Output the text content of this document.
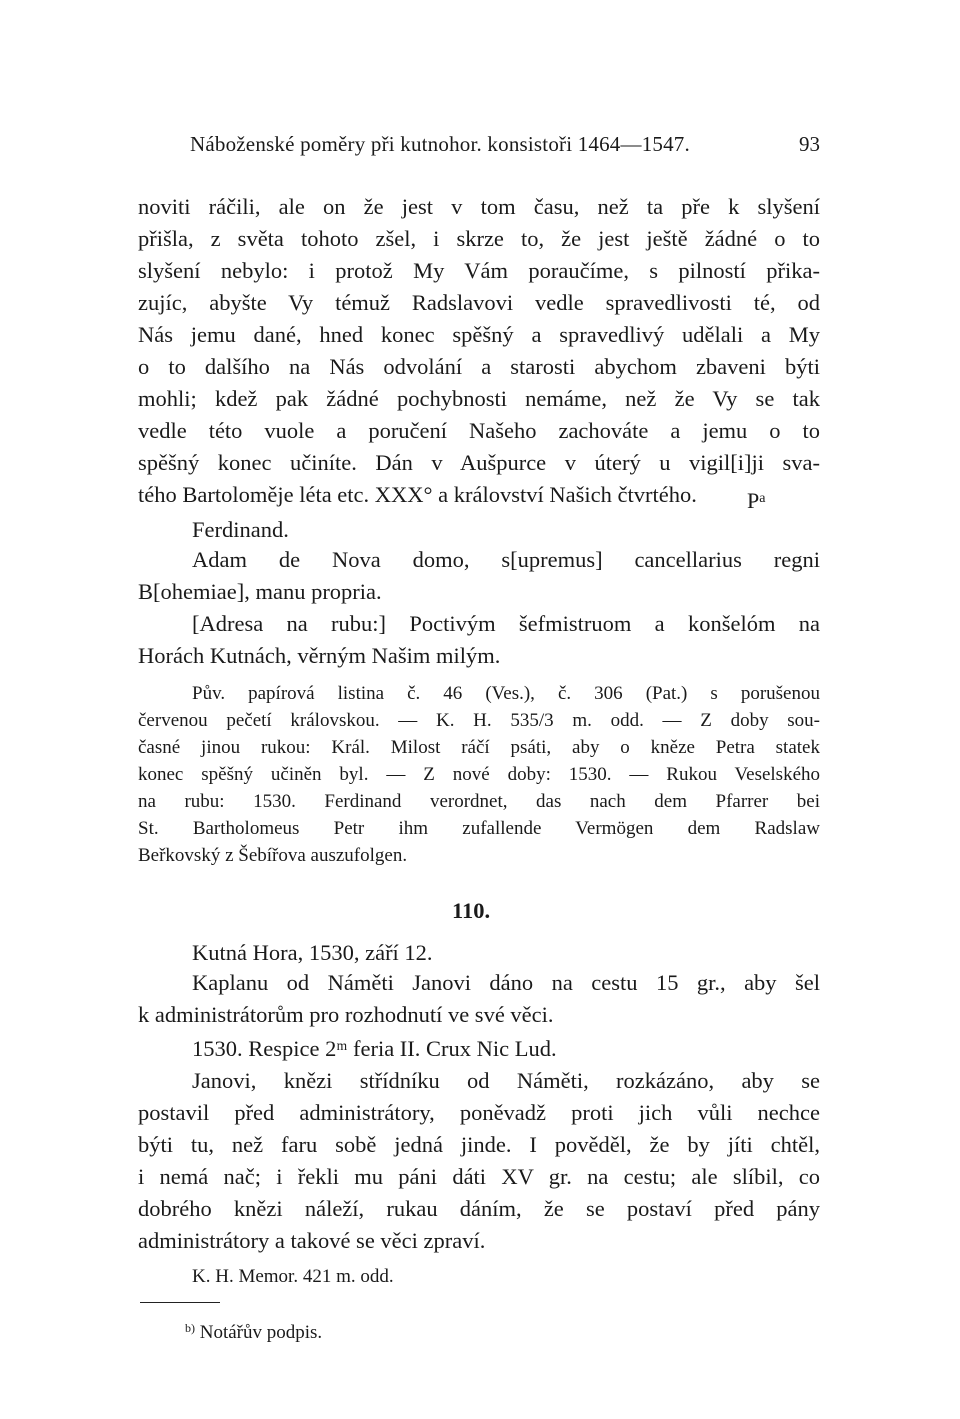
Náboženské poměry při kutnohor. konsistoři 1464—1547.	93
noviti ráčili, ale on že jest v tom času, než ta pře k slyšení
přišla, z světa tohoto zšel, i skrze to, že jest ještě žádné o to
slyšení nebylo: i protož My Vám poraučíme, s pilností přika-
zujíc, abyšte Vy témuž Radslavovi vedle spravedlivosti té, od
Nás jemu dané, hned konec spěšný a spravedlivý udělali a My
o to dalšího na Nás odvolání a starosti abychom zbaveni býti
mohli; kdež pak žádné pochybnosti nemáme, než že Vy se tak
vedle této vuole a poručení Našeho zachováte a jemu o to
spěšný konec učiníte. Dán v Aušpurce v úterý u vigil[i]ji sva-
tého Bartoloměje léta etc. XXX° a království Našich čtvrtého.
Ferdinand.
$P^a$
Adam de Nova domo, s[upremus] cancellarius regni
B[ohemiae], manu propria.
[Adresa na rubu:] Poctivým šefmistruom a konšelóm na
Horách Kutnách, věrným Našim milým.
Pův. papírová listina č. 46 (Ves.), č. 306 (Pat.) s porušenou
červenou pečetí královskou. — K. H. 535/3 m. odd. — Z doby sou-
časné jinou rukou: Král. Milost ráčí psáti, aby o kněze Petra statek
konec spěšný učiněn byl. — Z nové doby: 1530. — Rukou Veselského
na rubu: 1530. Ferdinand verordnet, das nach dem Pfarrer bei
St. Bartholomeus Petr ihm zufallende Vermögen dem Radslaw
Beřkovský z Šebířova auszufolgen.
110.
Kutná Hora, 1530, září 12.
Kaplanu od Náměti Janovi dáno na cestu 15 gr., aby šel
k administrátorům pro rozhodnutí ve své věci.
1530. Respice 2ᵐ feria II. Crux Nic Lud.
Janovi, knězi střídníku od Náměti, rozkázáno, aby se
postavil před administrátory, poněvadž proti jich vůli nechce
býti tu, než faru sobě jedná jinde. I pověděl, že by jíti chtěl,
i nemá nač; i řekli mu páni dáti XV gr. na cestu; ale slíbil, co
dobrého knězi náleží, rukau dáním, že se postaví před pány
administrátory a takové se věci zpraví.
K. H. Memor. 421 m. odd.
$^{b)}$ Notářův podpis.
